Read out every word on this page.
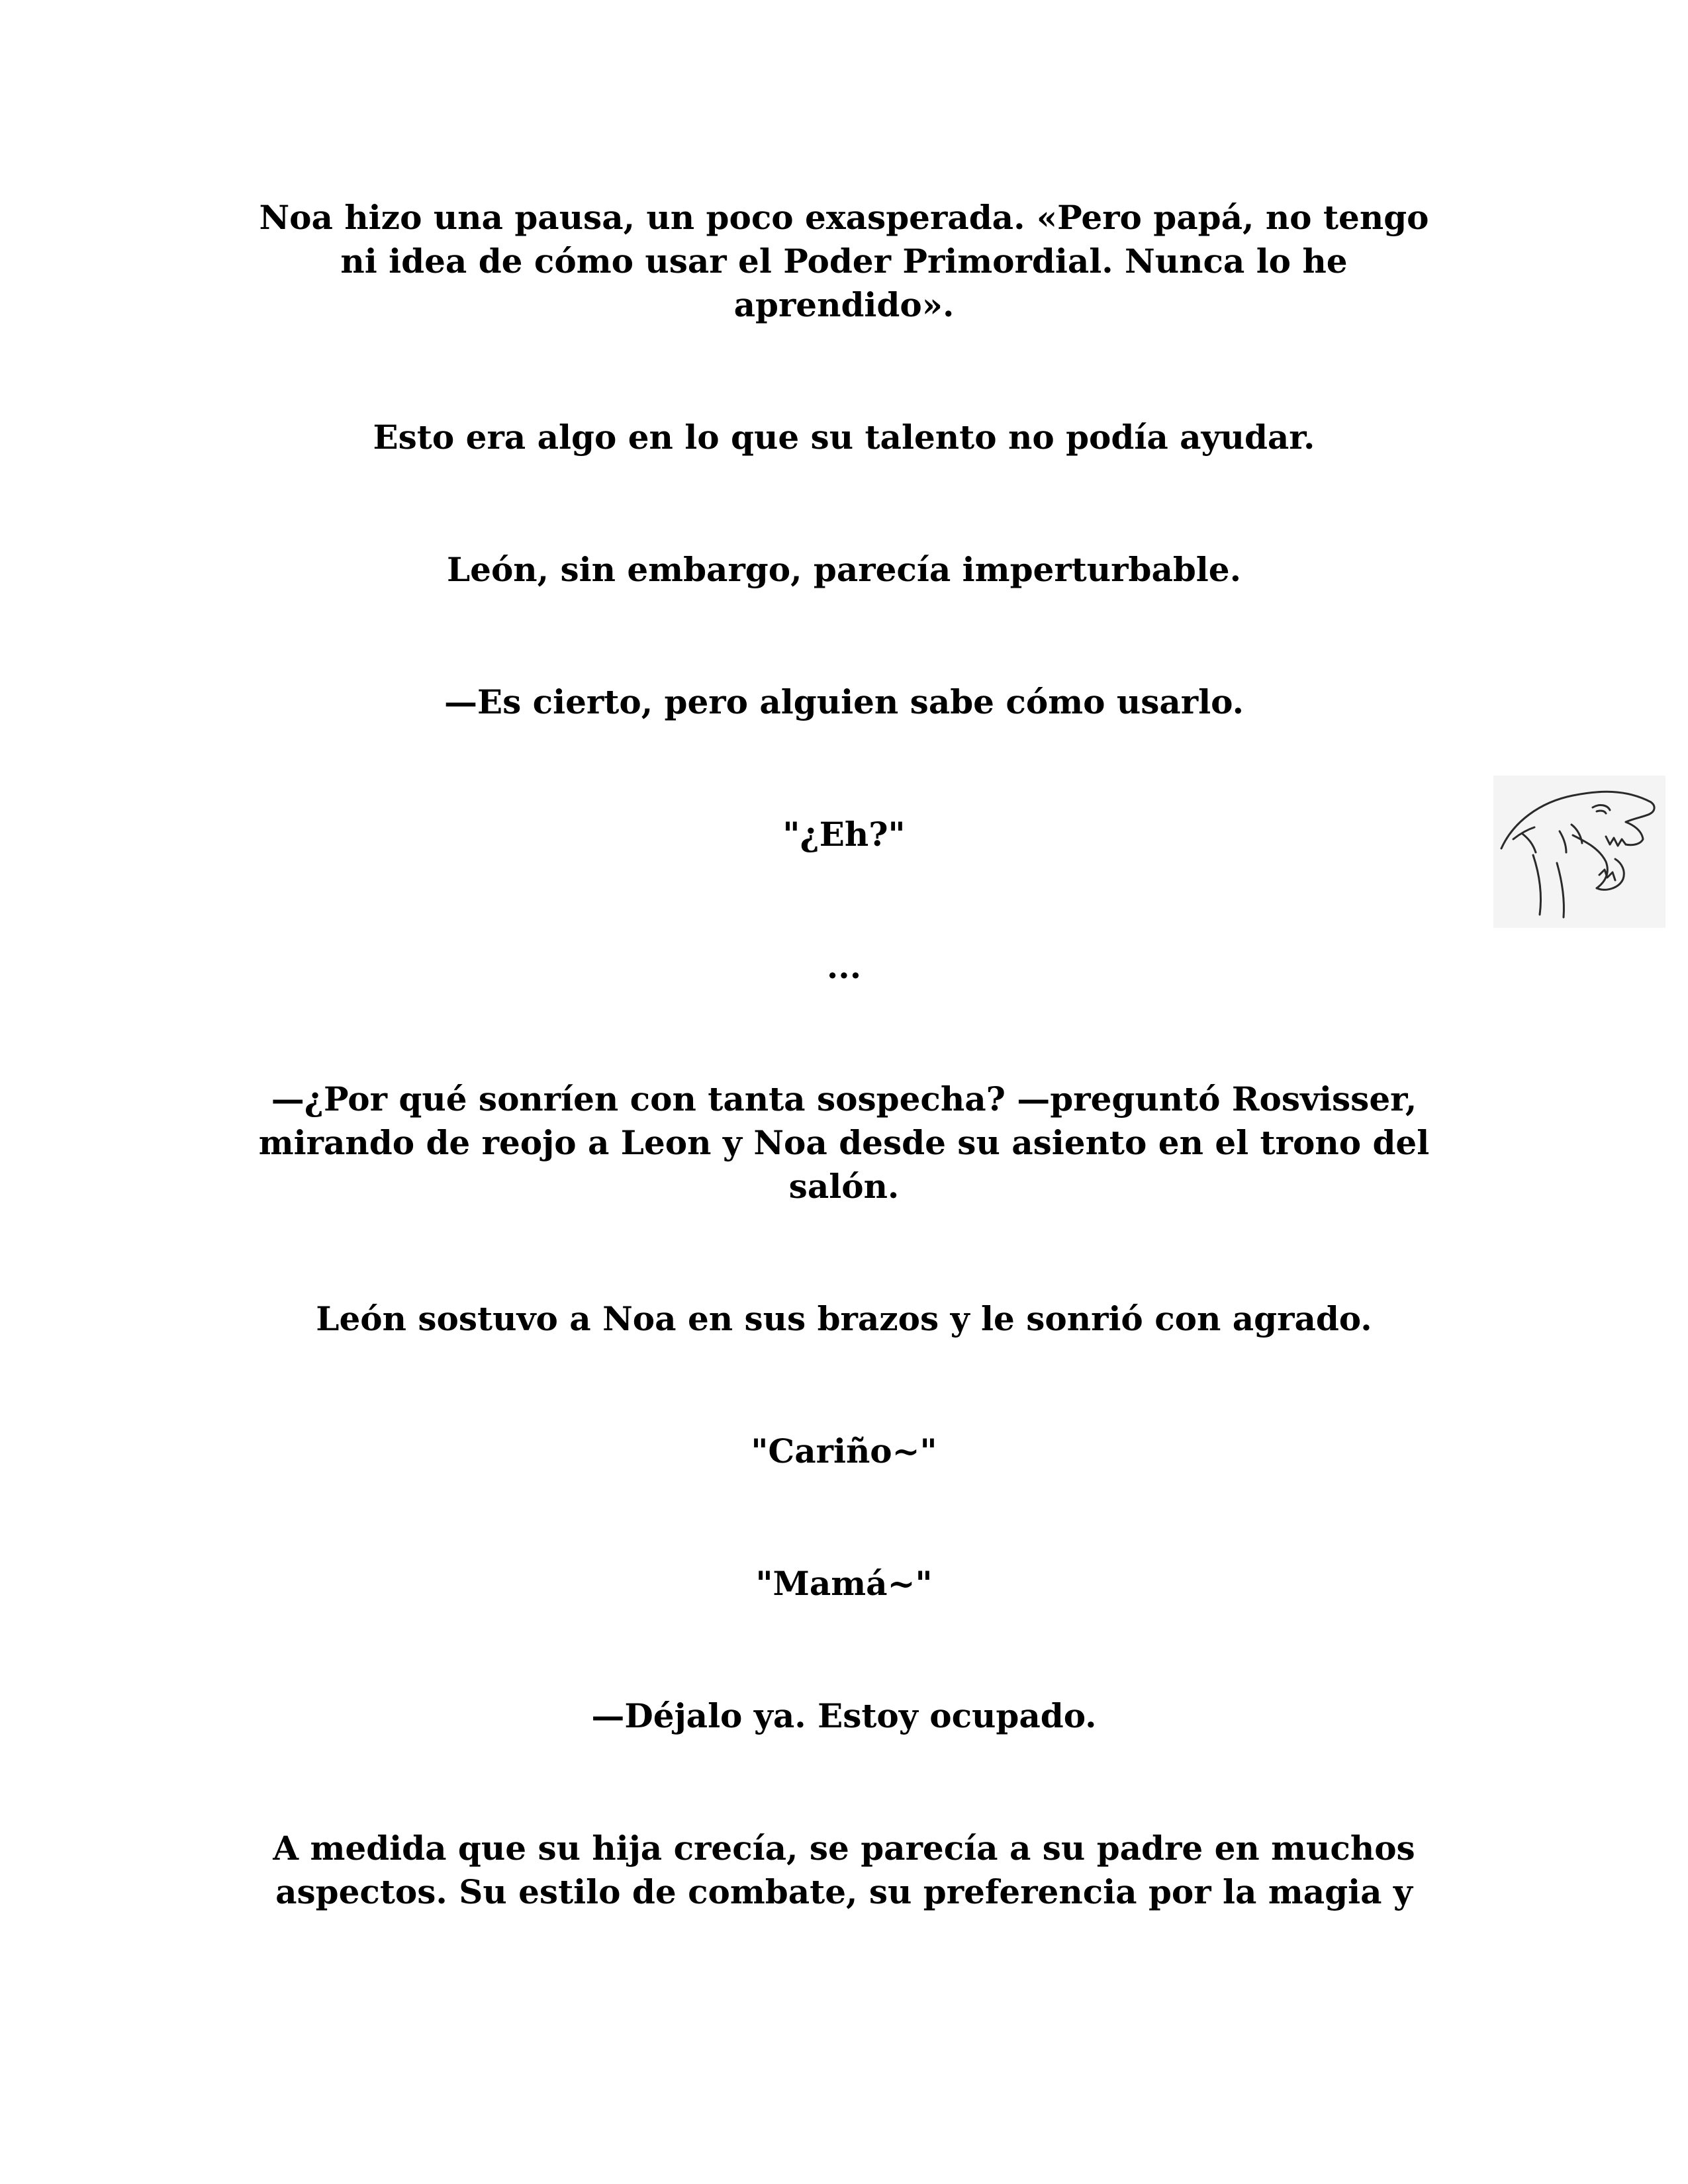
Noa hizo una pausa, un poco exasperada. «Pero papá, no tengo
ni idea de cómo usar el Poder Primordial. Nunca lo he
aprendido».

Esto era algo en lo que su talento no podía ayudar.

León, sin embargo, parecía imperturbable.

—Es cierto, pero alguien sabe cómo usarlo.

"¿Eh?"

...

—¿Por qué sonríen con tanta sospecha? —preguntó Rosvisser,
mirando de reojo a Leon y Noa desde su asiento en el trono del
salón.

León sostuvo a Noa en sus brazos y le sonrió con agrado.

"Cariño~"

"Mamá~"

—Déjalo ya. Estoy ocupado.

A medida que su hija crecía, se parecía a su padre en muchos
aspectos. Su estilo de combate, su preferencia por la magia y
